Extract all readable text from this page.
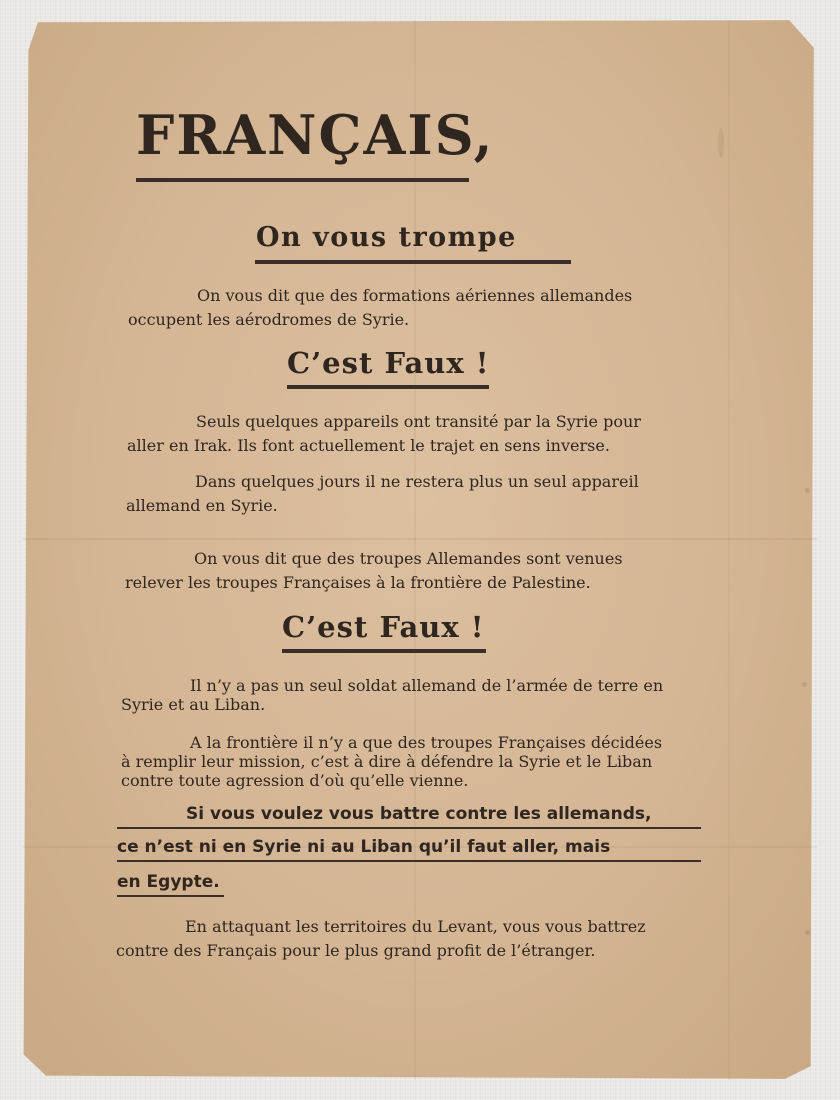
FRANÇAIS,
On vous trompe

On vous dit que des formations aériennes allemandes
occupent les aérodromes de Syrie.

C’est Faux !

Seuls quelques appareils ont transité par la Syrie pour
aller en Irak. Ils font actuellement le trajet en sens inverse.

Dans quelques jours il ne restera plus un seul appareil
allemand en Syrie.

On vous dit que des troupes Allemandes sont venues
relever les troupes Françaises à la frontière de Palestine.

C’est Faux !

Il n’y a pas un seul soldat allemand de l’armée de terre en
Syrie et au Liban.

A la frontière il n’y a que des troupes Françaises décidées
à remplir leur mission, c’est à dire à défendre la Syrie et le Liban
contre toute agression d’où qu’elle vienne.

Si vous voulez vous battre contre les allemands,
ce n’est ni en Syrie ni au Liban qu’il faut aller, mais
en Egypte.

En attaquant les territoires du Levant, vous vous battrez
contre des Français pour le plus grand profit de l’étranger.
